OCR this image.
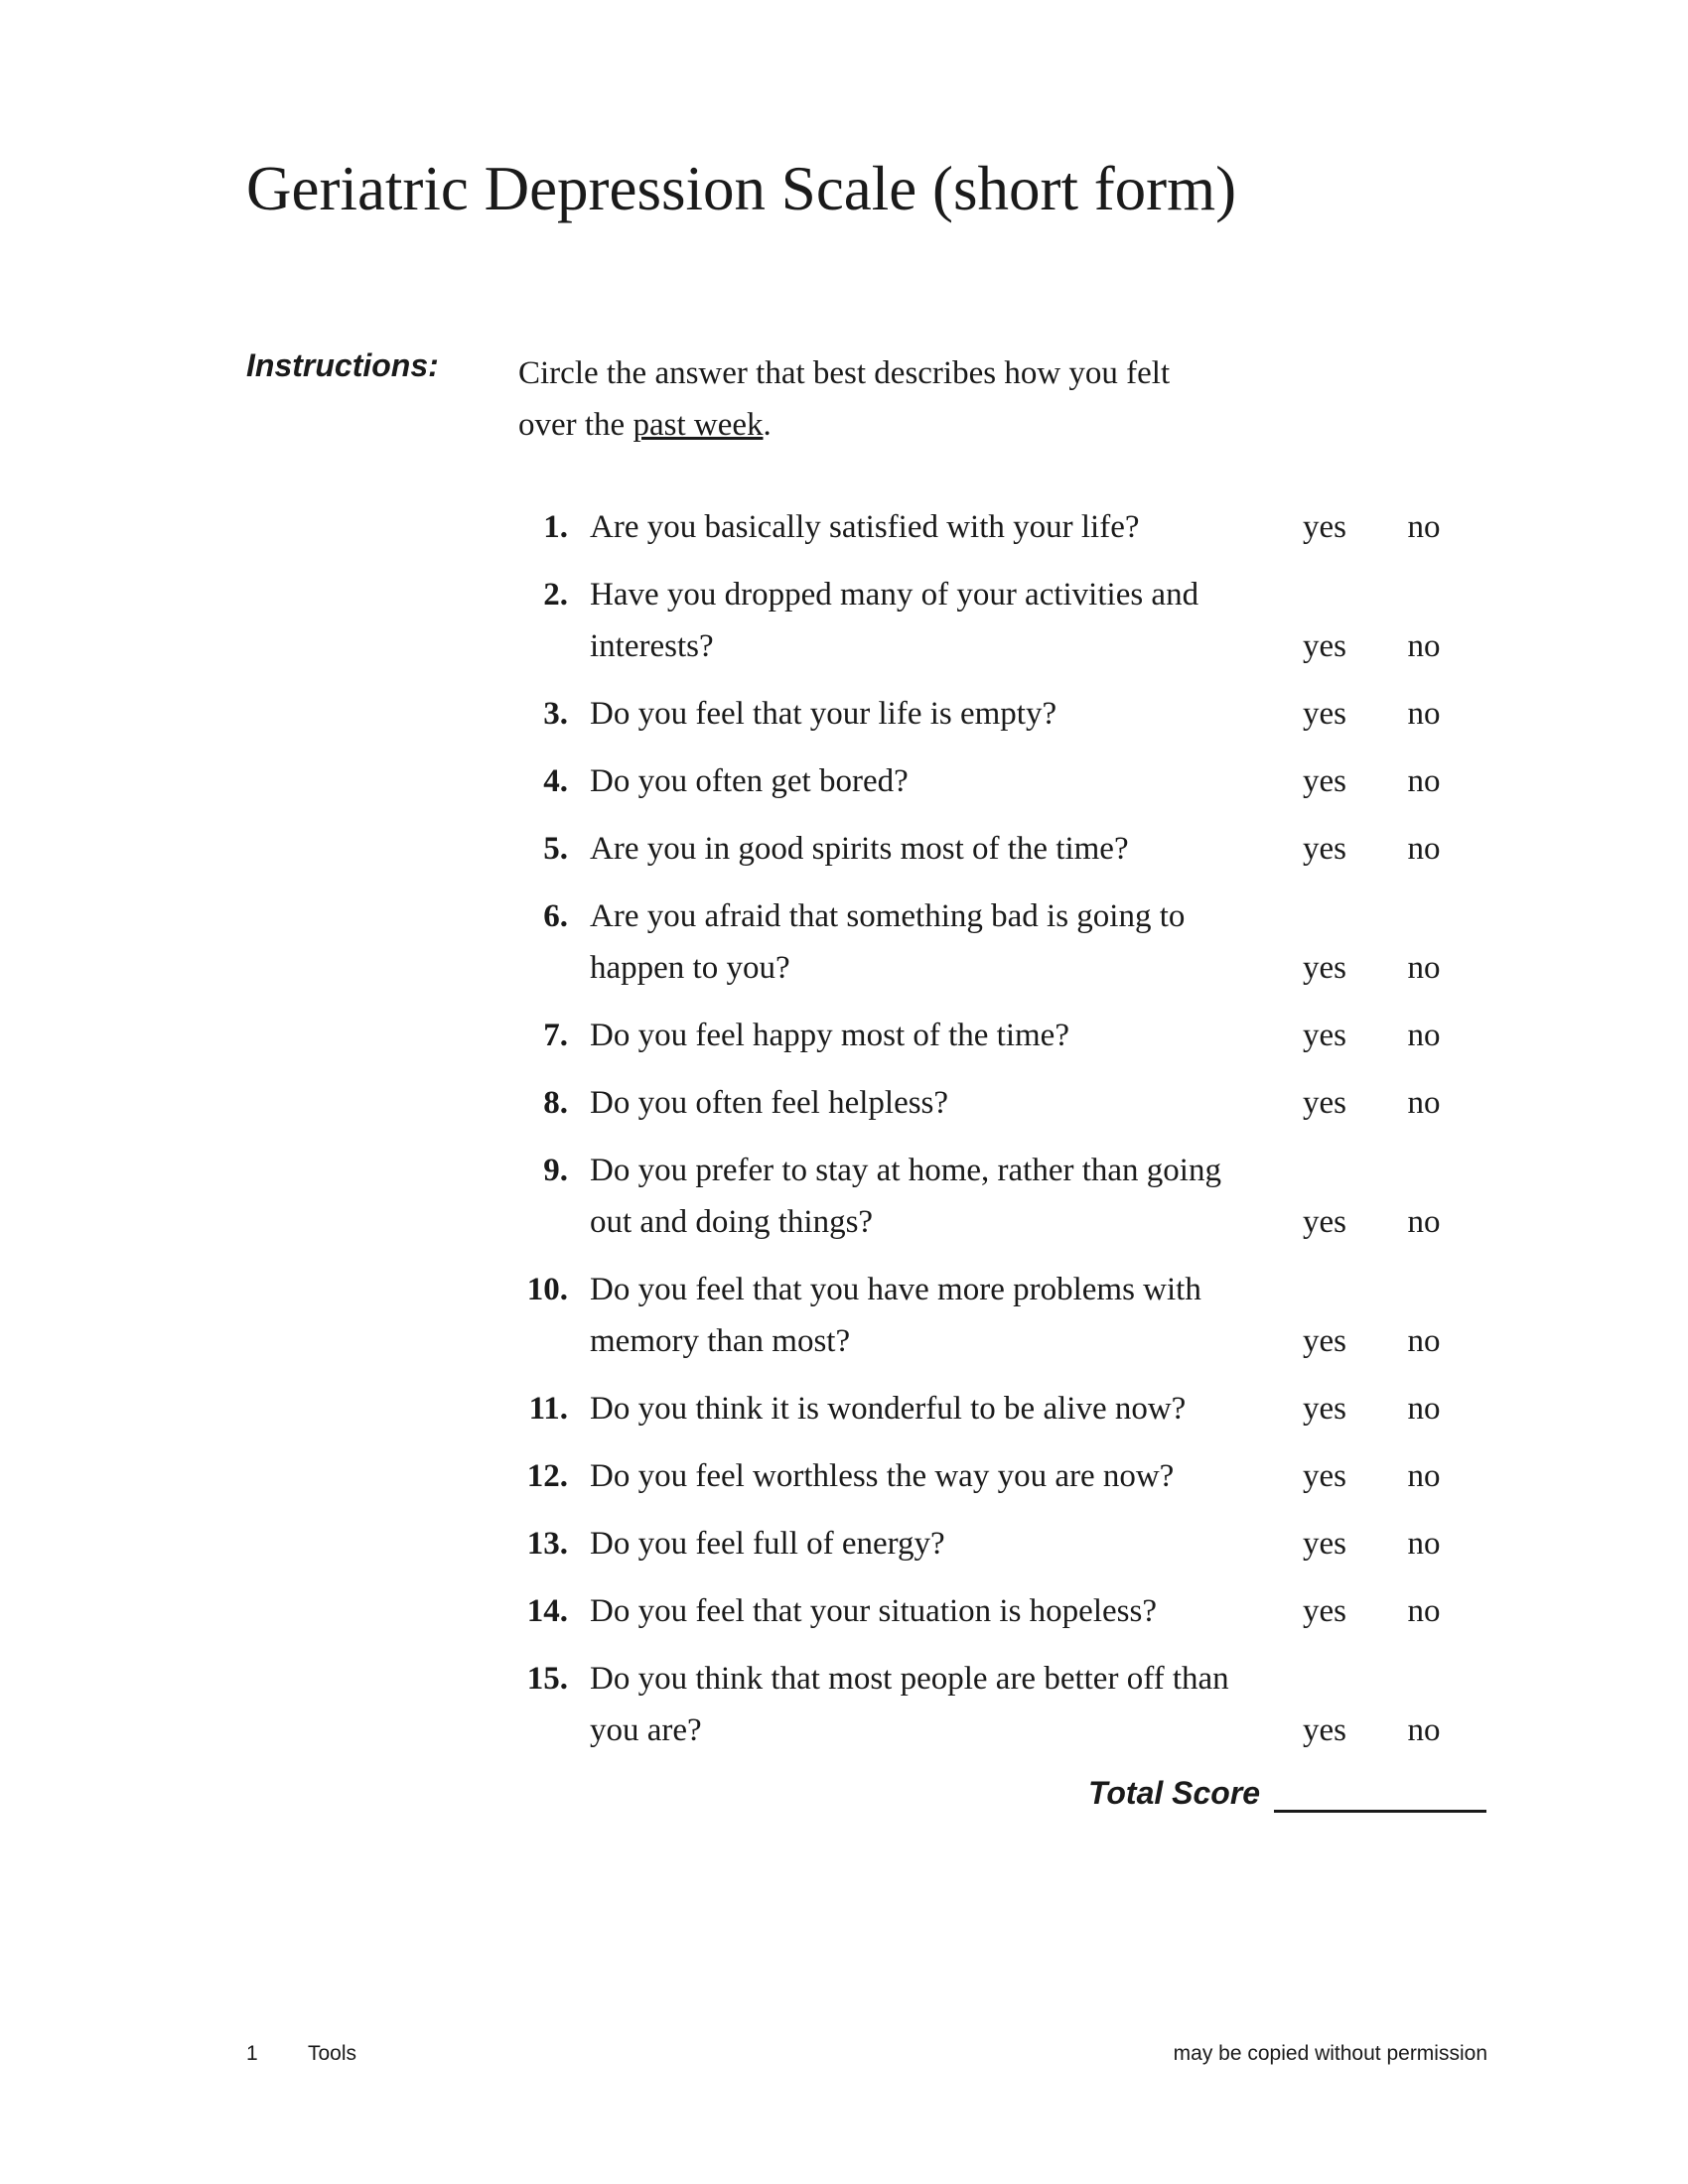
Geriatric Depression Scale (short form)
Instructions: Circle the answer that best describes how you felt
over the past week.
1. Are you basically satisfied with your life?	yes	no
2. Have you dropped many of your activities and interests?	yes	no
3. Do you feel that your life is empty?	yes	no
4. Do you often get bored?	yes	no
5. Are you in good spirits most of the time?	yes	no
6. Are you afraid that something bad is going to happen to you?	yes	no
7. Do you feel happy most of the time?	yes	no
8. Do you often feel helpless?	yes	no
9. Do you prefer to stay at home, rather than going out and doing things?	yes	no
10. Do you feel that you have more problems with memory than most?	yes	no
11. Do you think it is wonderful to be alive now?	yes	no
12. Do you feel worthless the way you are now?	yes	no
13. Do you feel full of energy?	yes	no
14. Do you feel that your situation is hopeless?	yes	no
15. Do you think that most people are better off than you are?	yes	no
Total Score
1 Tools	may be copied without permission
